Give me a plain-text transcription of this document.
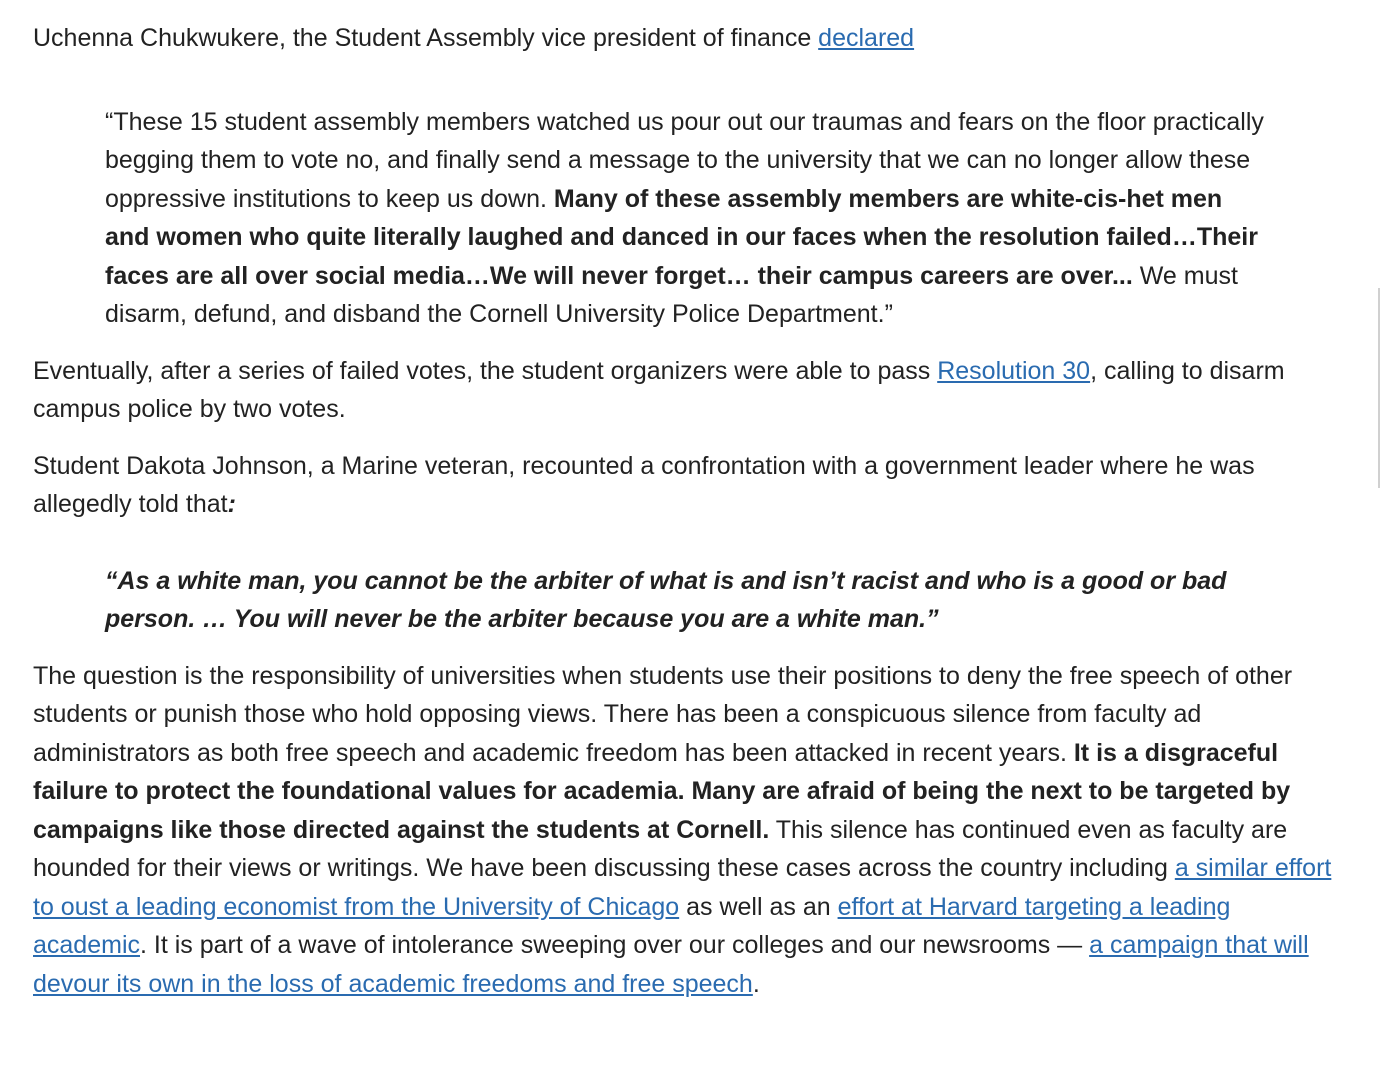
Uchenna Chukwukere, the Student Assembly vice president of finance declared

“These 15 student assembly members watched us pour out our traumas and fears on the floor practically begging them to vote no, and finally send a message to the university that we can no longer allow these oppressive institutions to keep us down. Many of these assembly members are white-cis-het men and women who quite literally laughed and danced in our faces when the resolution failed…Their faces are all over social media…We will never forget… their campus careers are over... We must disarm, defund, and disband the Cornell University Police Department.”

Eventually, after a series of failed votes, the student organizers were able to pass Resolution 30, calling to disarm campus police by two votes.

Student Dakota Johnson, a Marine veteran, recounted a confrontation with a government leader where he was allegedly told that:

“As a white man, you cannot be the arbiter of what is and isn’t racist and who is a good or bad person. … You will never be the arbiter because you are a white man.”

The question is the responsibility of universities when students use their positions to deny the free speech of other students or punish those who hold opposing views. There has been a conspicuous silence from faculty ad administrators as both free speech and academic freedom has been attacked in recent years. It is a disgraceful failure to protect the foundational values for academia. Many are afraid of being the next to be targeted by campaigns like those directed against the students at Cornell. This silence has continued even as faculty are hounded for their views or writings. We have been discussing these cases across the country including a similar effort to oust a leading economist from the University of Chicago as well as an effort at Harvard targeting a leading academic. It is part of a wave of intolerance sweeping over our colleges and our newsrooms — a campaign that will devour its own in the loss of academic freedoms and free speech.
